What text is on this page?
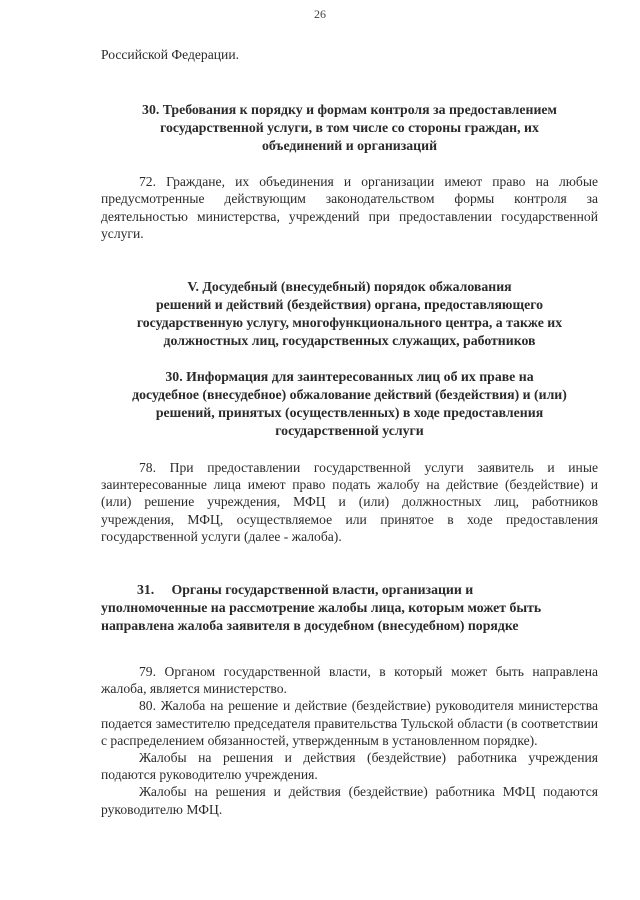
26

Российской Федерации.

30. Требования к порядку и формам контроля за предоставлением
государственной услуги, в том числе со стороны граждан, их
объединений и организаций

72. Граждане, их объединения и организации имеют право на любые предусмотренные действующим законодательством формы контроля за деятельностью министерства, учреждений при предоставлении государственной услуги.

V. Досудебный (внесудебный) порядок обжалования
решений и действий (бездействия) органа, предоставляющего
государственную услугу, многофункционального центра, а также их
должностных лиц, государственных служащих, работников
30. Информация для заинтересованных лиц об их праве на
досудебное (внесудебное) обжалование действий (бездействия) и (или)
решений, принятых (осуществленных) в ходе предоставления
государственной услуги

78. При предоставлении государственной услуги заявитель и иные заинтересованные лица имеют право подать жалобу на действие (бездействие) и (или) решение учреждения, МФЦ и (или) должностных лиц, работников учреждения, МФЦ, осуществляемое или принятое в ходе предоставления государственной услуги (далее - жалоба).

31.     Органы государственной власти, организации и
уполномоченные на рассмотрение жалобы лица, которым может быть
направлена жалоба заявителя в досудебном (внесудебном) порядке

79. Органом государственной власти, в который может быть направлена жалоба, является министерство.

80. Жалоба на решение и действие (бездействие) руководителя министерства подается заместителю председателя правительства Тульской области (в соответствии с распределением обязанностей, утвержденным в установленном порядке).

Жалобы на решения и действия (бездействие) работника учреждения подаются руководителю учреждения.

Жалобы на решения и действия (бездействие) работника МФЦ подаются руководителю МФЦ.
